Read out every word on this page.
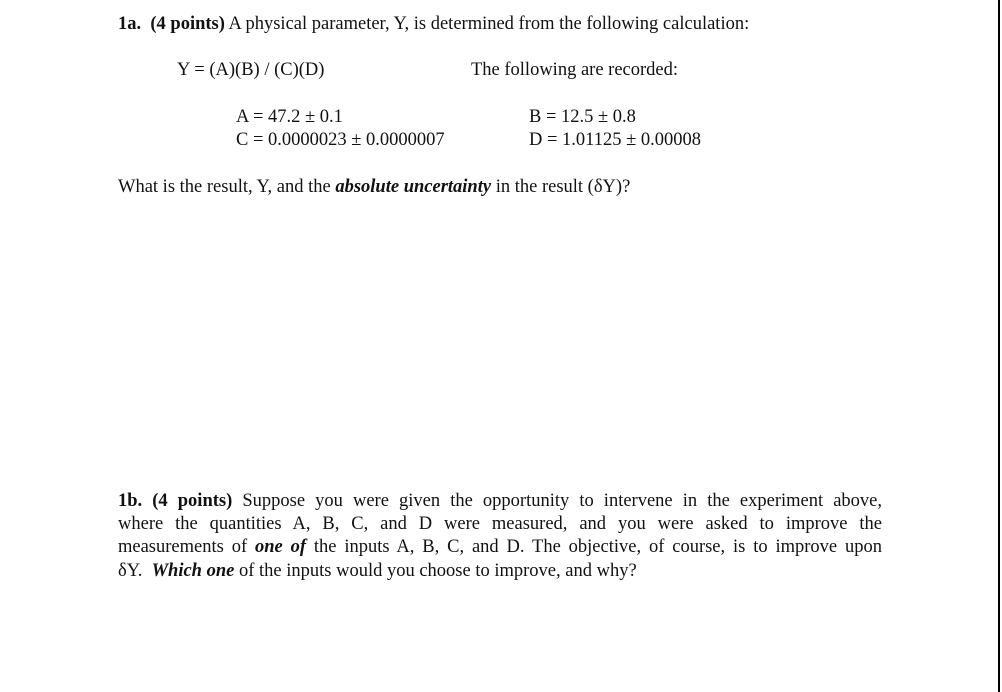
1a. (4 points) A physical parameter, Y, is determined from the following calculation:
Y = (A)(B) / (C)(D)	The following are recorded:
A = 47.2 ± 0.1	B = 12.5 ± 0.8
C = 0.0000023 ± 0.0000007	D = 1.01125 ± 0.00008
What is the result, Y, and the absolute uncertainty in the result (δY)?
1b. (4 points) Suppose you were given the opportunity to intervene in the experiment above,
where the quantities A, B, C, and D were measured, and you were asked to improve the
measurements of one of the inputs A, B, C, and D. The objective, of course, is to improve upon
δY. Which one of the inputs would you choose to improve, and why?
